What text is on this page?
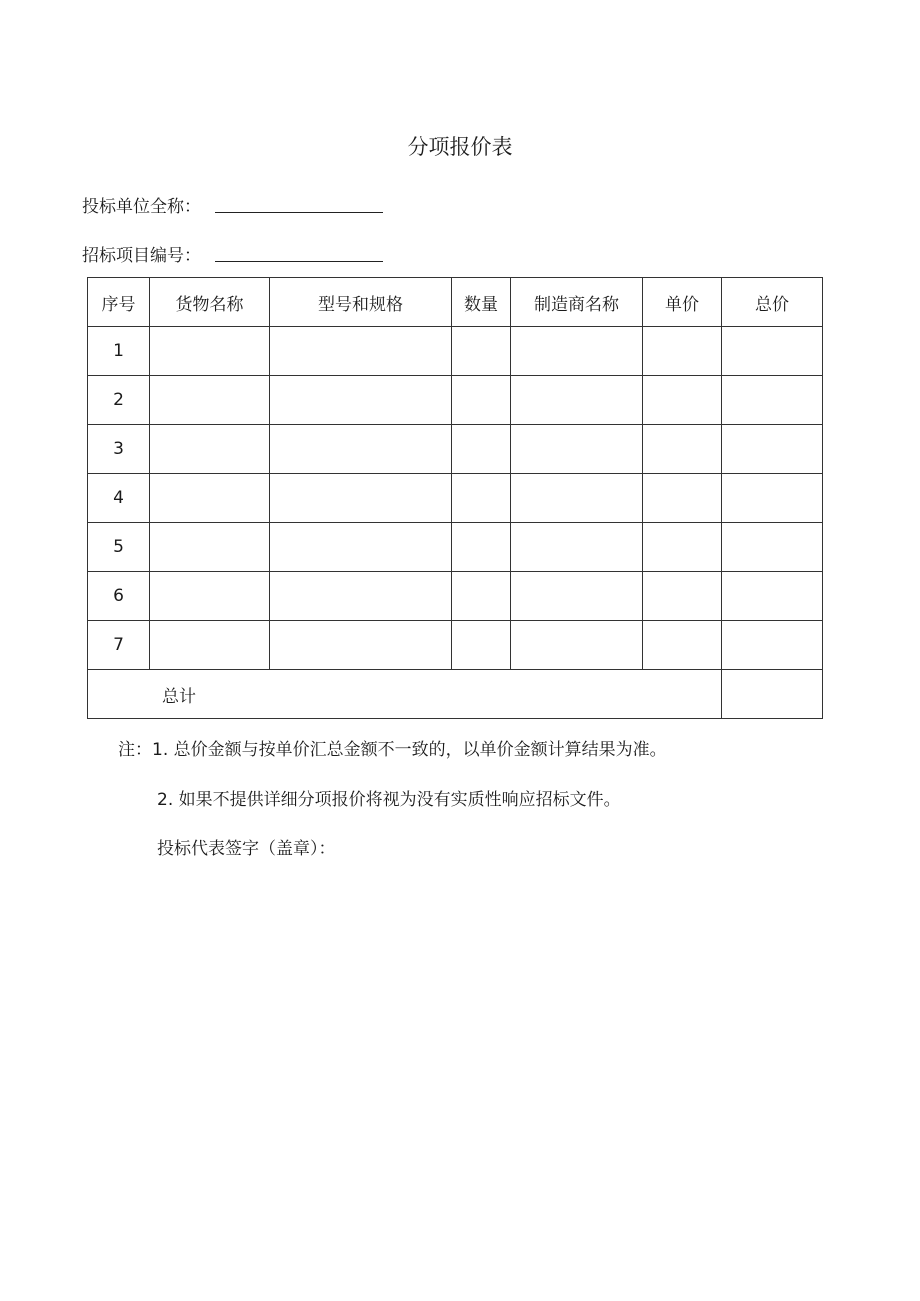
分项报价表
投标单位全称：
招标项目编号：
序号	货物名称	型号和规格	数量	制造商名称	单价	总价
1						
2						
3						
4						
5						
6						
7						
总计						
注：1. 总价金额与按单价汇总金额不一致的，以单价金额计算结果为准。
2. 如果不提供详细分项报价将视为没有实质性响应招标文件。
投标代表签字（盖章）：
